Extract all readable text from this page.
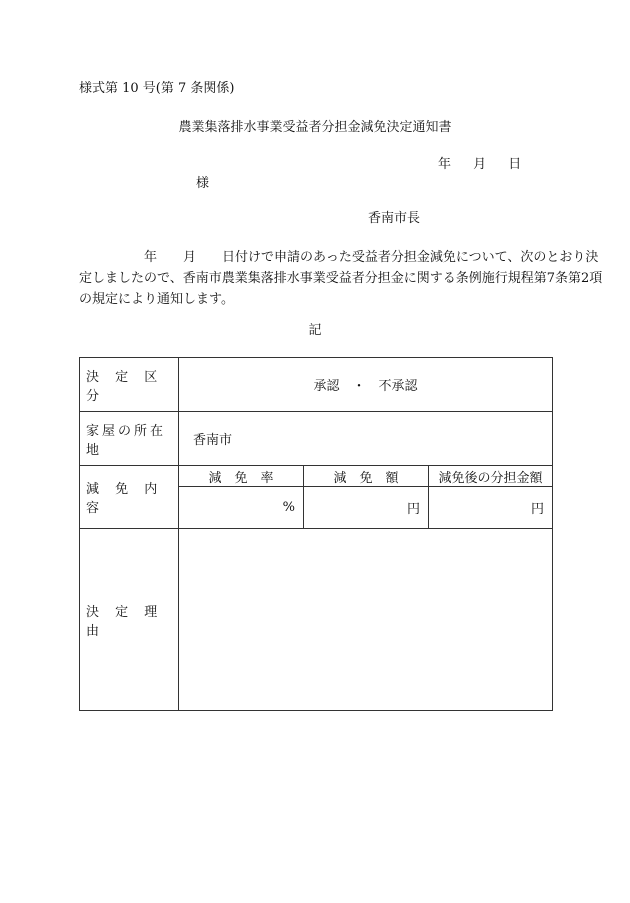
様式第 10 号(第 7 条関係)
農業集落排水事業受益者分担金減免決定通知書
年 月 日
様
香南市長
　　　　　年　　月　　日付けで申請のあった受益者分担金減免について、次のとおり決
定しましたので、香南市農業集落排水事業受益者分担金に関する条例施行規程第7条第2項
の規定により通知します。
記
決 定 区 分	承認　・　不承認		
家屋の所在地	香南市		
減 免 内 容	減　免　率	減　免　額	減免後の分担金額
	%	円	円
決 定 理 由			
